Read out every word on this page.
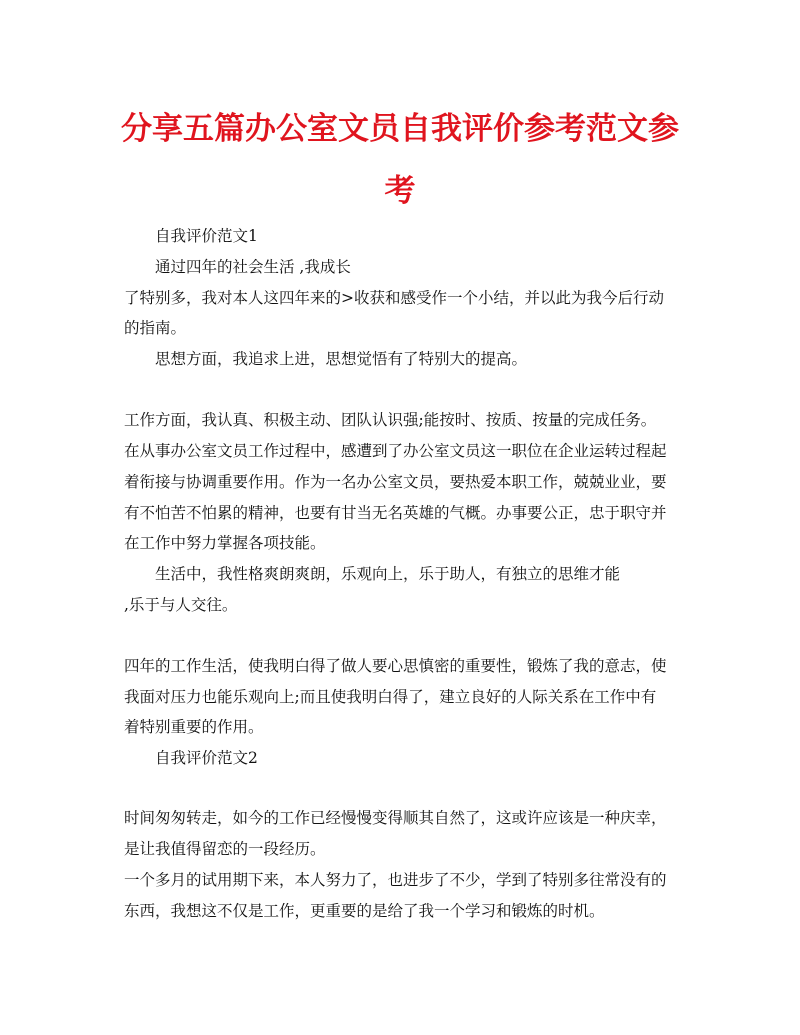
分享五篇办公室文员自我评价参考范文参
考
自我评价范文1
通过四年的社会生活 ,我成长
了特别多，我对本人这四年来的>收获和感受作一个小结，并以此为我今后行动
的指南。
思想方面，我追求上进，思想觉悟有了特别大的提高。
工作方面，我认真、积极主动、团队认识强;能按时、按质、按量的完成任务。
在从事办公室文员工作过程中，感遭到了办公室文员这一职位在企业运转过程起
着衔接与协调重要作用。作为一名办公室文员，要热爱本职工作，兢兢业业，要
有不怕苦不怕累的精神，也要有甘当无名英雄的气概。办事要公正，忠于职守并
在工作中努力掌握各项技能。
生活中，我性格爽朗爽朗，乐观向上，乐于助人，有独立的思维才能
,乐于与人交往。
四年的工作生活，使我明白得了做人要心思慎密的重要性，锻炼了我的意志，使
我面对压力也能乐观向上;而且使我明白得了，建立良好的人际关系在工作中有
着特别重要的作用。
自我评价范文2
时间匆匆转走，如今的工作已经慢慢变得顺其自然了，这或许应该是一种庆幸，
是让我值得留恋的一段经历。
一个多月的试用期下来，本人努力了，也进步了不少，学到了特别多往常没有的
东西，我想这不仅是工作，更重要的是给了我一个学习和锻炼的时机。
